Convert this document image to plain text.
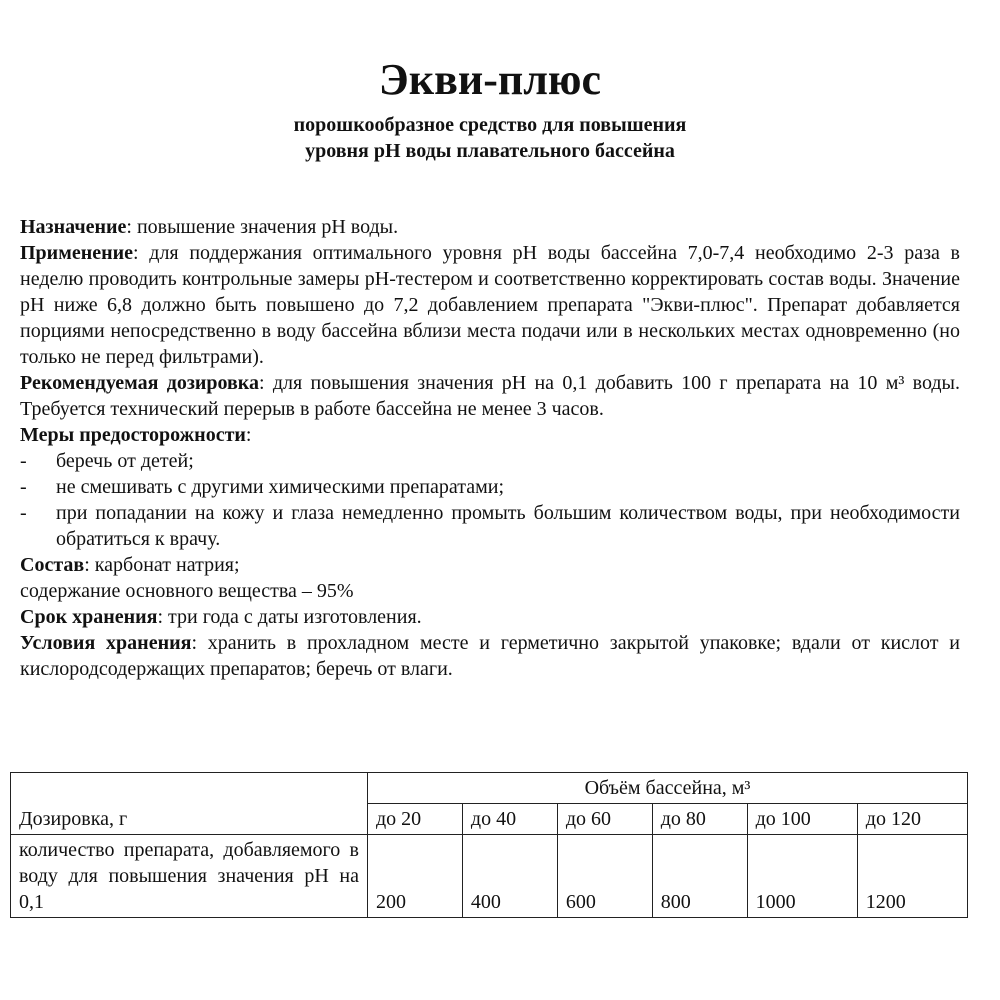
Экви-плюс
порошкообразное средство для повышения
уровня pH воды плавательного бассейна

Назначение: повышение значения pH воды.

Применение: для поддержания оптимального уровня pH воды бассейна 7,0-7,4 необходимо 2-3 раза в неделю проводить контрольные замеры pH-тестером и соответственно корректировать состав воды. Значение pH ниже 6,8 должно быть повышено до 7,2 добавлением препарата "Экви-плюс". Препарат добавляется порциями непосредственно в воду бассейна вблизи места подачи или в нескольких местах одновременно (но только не перед фильтрами).

Рекомендуемая дозировка: для повышения значения pH на 0,1 добавить 100 г препарата на 10 м³ воды. Требуется технический перерыв в работе бассейна не менее 3 часов.

Меры предосторожности:

-	беречь от детей;
-	не смешивать с другими химическими препаратами;
-	при попадании на кожу и глаза немедленно промыть большим количеством воды, при необходимости обратиться к врачу.

Состав: карбонат натрия;

содержание основного вещества – 95%

Срок хранения: три года с даты изготовления.

Условия хранения: хранить в прохладном месте и герметично закрытой упаковке; вдали от кислот и кислородсодержащих препаратов; беречь от влаги.

Дозировка, г	Объём бассейна, м³					
	до 20	до 40	до 60	до 80	до 100	до 120
количество препарата, добавляемого в воду для повышения значения pH на 0,1	200	400	600	800	1000	1200
